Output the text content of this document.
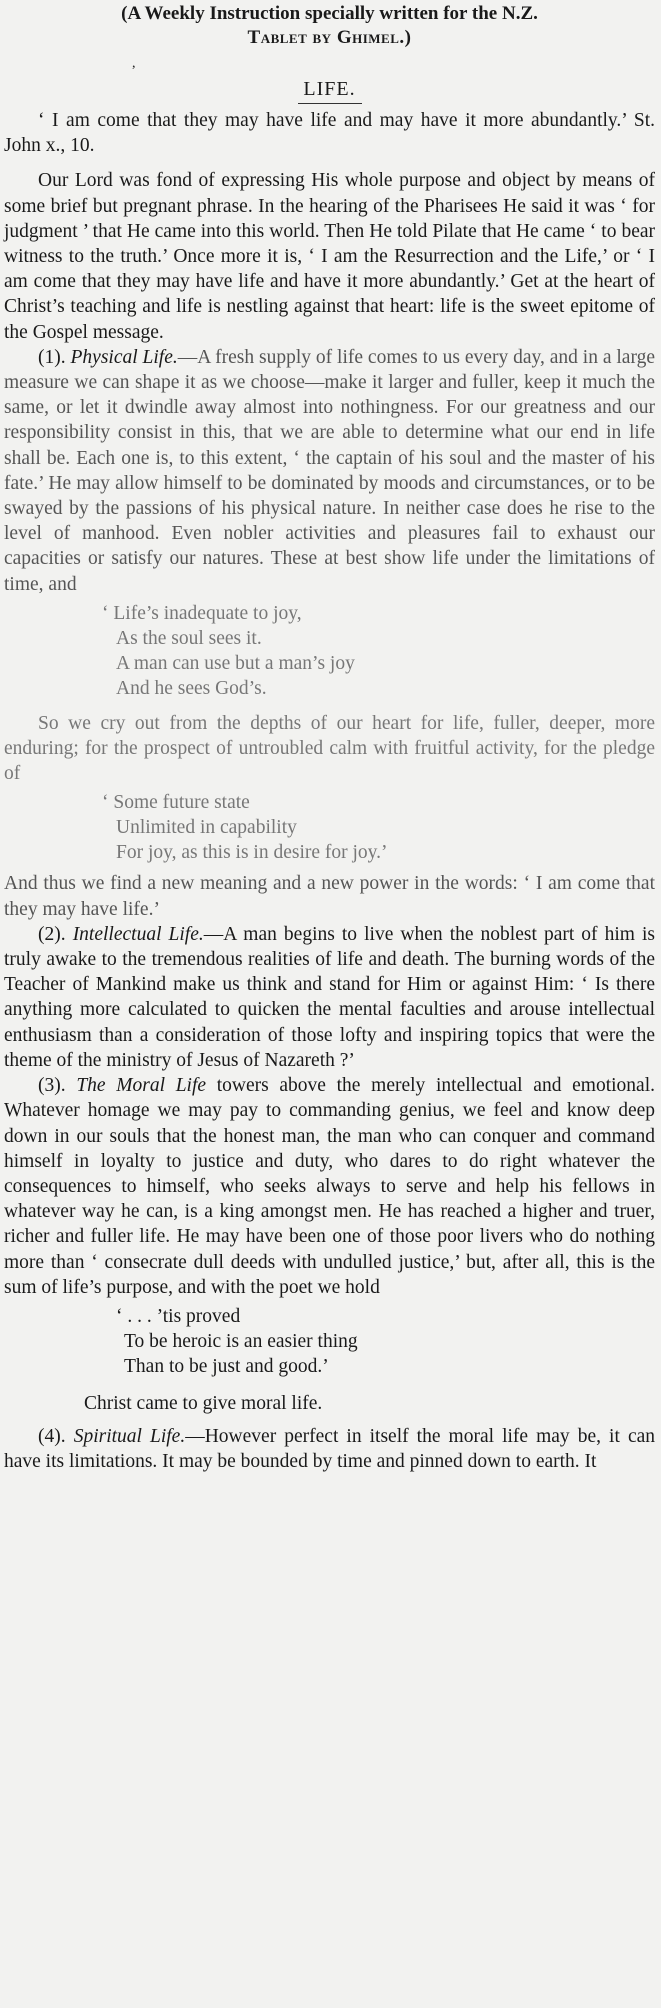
(A Weekly Instruction specially written for the N.Z.
Tablet by Ghimel.)
,
LIFE.

‘ I am come that they may have life and may have it more abundantly.’ St. John x., 10.

Our Lord was fond of expressing His whole purpose and object by means of some brief but pregnant phrase. In the hearing of the Pharisees He said it was ‘ for judgment ’ that He came into this world. Then He told Pilate that He came ‘ to bear witness to the truth.’ Once more it is, ‘ I am the Resurrection and the Life,’ or ‘ I am come that they may have life and have it more abundantly.’ Get at the heart of Christ’s teaching and life is nestling against that heart: life is the sweet epitome of the Gospel message.

(1). Physical Life.—A fresh supply of life comes to us every day, and in a large measure we can shape it as we choose—make it larger and fuller, keep it much the same, or let it dwindle away almost into nothingness. For our greatness and our responsibility consist in this, that we are able to determine what our end in life shall be. Each one is, to this extent, ‘ the captain of his soul and the master of his fate.’ He may allow himself to be dominated by moods and circumstances, or to be swayed by the passions of his physical nature. In neither case does he rise to the level of manhood. Even nobler activities and pleasures fail to exhaust our capacities or satisfy our natures. These at best show life under the limitations of time, and

‘ Life’s inadequate to joy,
As the soul sees it.
A man can use but a man’s joy
And he sees God’s.

So we cry out from the depths of our heart for life, fuller, deeper, more enduring; for the prospect of untroubled calm with fruitful activity, for the pledge of

‘ Some future state
Unlimited in capability
For joy, as this is in desire for joy.’

And thus we find a new meaning and a new power in the words: ‘ I am come that they may have life.’

(2). Intellectual Life.—A man begins to live when the noblest part of him is truly awake to the tremendous realities of life and death. The burning words of the Teacher of Mankind make us think and stand for Him or against Him: ‘ Is there anything more calculated to quicken the mental faculties and arouse intellectual enthusiasm than a consideration of those lofty and inspiring topics that were the theme of the ministry of Jesus of Nazareth ?’

(3). The Moral Life towers above the merely intellectual and emotional. Whatever homage we may pay to commanding genius, we feel and know deep down in our souls that the honest man, the man who can conquer and command himself in loyalty to justice and duty, who dares to do right whatever the consequences to himself, who seeks always to serve and help his fellows in whatever way he can, is a king amongst men. He has reached a higher and truer, richer and fuller life. He may have been one of those poor livers who do nothing more than ‘ consecrate dull deeds with undulled justice,’ but, after all, this is the sum of life’s purpose, and with the poet we hold

‘ . . . ’tis proved
To be heroic is an easier thing
Than to be just and good.’

Christ came to give moral life.

(4). Spiritual Life.—However perfect in itself the moral life may be, it can have its limitations. It may be bounded by time and pinned down to earth. It
